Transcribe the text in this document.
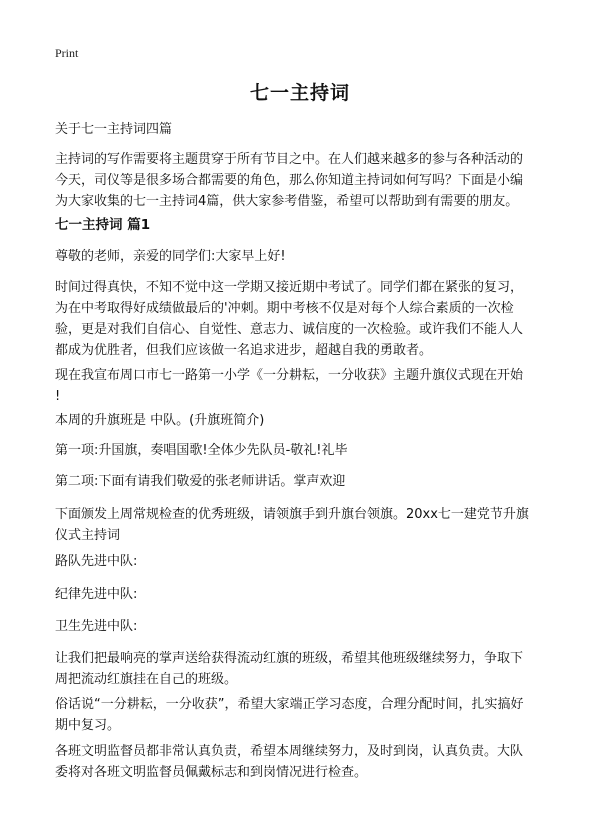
Print
七一主持词
关于七一主持词四篇
主持词的写作需要将主题贯穿于所有节目之中。在人们越来越多的参与各种活动的
今天，司仪等是很多场合都需要的角色，那么你知道主持词如何写吗？下面是小编
为大家收集的七一主持词4篇，供大家参考借鉴，希望可以帮助到有需要的朋友。
七一主持词 篇1
尊敬的老师，亲爱的同学们:大家早上好!
时间过得真快，不知不觉中这一学期又接近期中考试了。同学们都在紧张的复习，
为在中考取得好成绩做最后的'冲刺。期中考核不仅是对每个人综合素质的一次检
验，更是对我们自信心、自觉性、意志力、诚信度的一次检验。或许我们不能人人
都成为优胜者，但我们应该做一名追求进步，超越自我的勇敢者。
现在我宣布周口市七一路第一小学《一分耕耘，一分收获》主题升旗仪式现在开始
!
本周的升旗班是 中队。(升旗班简介)
第一项:升国旗，奏唱国歌!全体少先队员-敬礼!礼毕
第二项:下面有请我们敬爱的张老师讲话。掌声欢迎
下面颁发上周常规检查的优秀班级，请领旗手到升旗台领旗。20xx七一建党节升旗
仪式主持词
路队先进中队:
纪律先进中队:
卫生先进中队:
让我们把最响亮的掌声送给获得流动红旗的班级，希望其他班级继续努力，争取下
周把流动红旗挂在自己的班级。
俗话说“一分耕耘，一分收获”，希望大家端正学习态度，合理分配时间，扎实搞好
期中复习。
各班文明监督员都非常认真负责，希望本周继续努力，及时到岗，认真负责。大队
委将对各班文明监督员佩戴标志和到岗情况进行检查。
